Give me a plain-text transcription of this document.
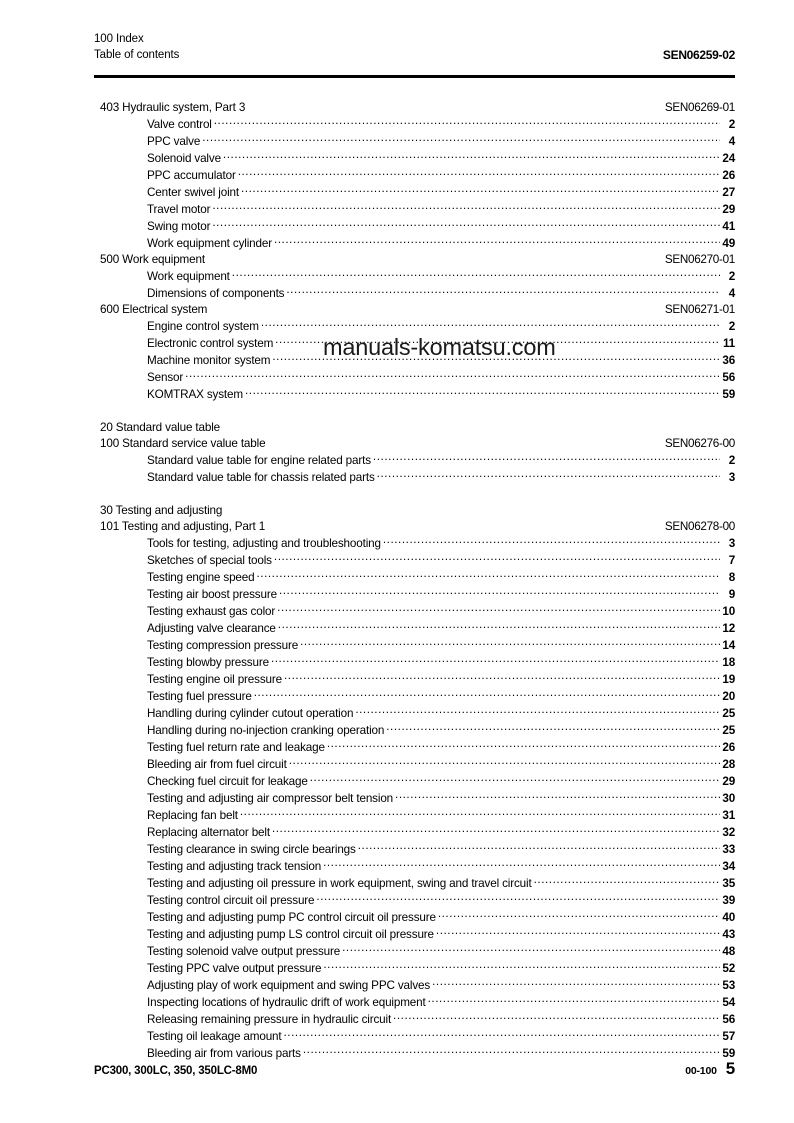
100 Index
Table of contents	SEN06259-02
403 Hydraulic system, Part 3	SEN06269-01
Valve control .....	2
PPC valve .....	4
Solenoid valve .....	24
PPC accumulator .....	26
Center swivel joint .....	27
Travel motor .....	29
Swing motor .....	41
Work equipment cylinder .....	49
500 Work equipment	SEN06270-01
Work equipment .....	2
Dimensions of components .....	4
600 Electrical system	SEN06271-01
Engine control system .....	2
Electronic control system .....	11
Machine monitor system .....	36
Sensor .....	56
KOMTRAX system .....	59
20 Standard value table
100 Standard service value table	SEN06276-00
Standard value table for engine related parts .....	2
Standard value table for chassis related parts .....	3
30 Testing and adjusting
101 Testing and adjusting, Part 1	SEN06278-00
Tools for testing, adjusting and troubleshooting .....	3
Sketches of special tools .....	7
Testing engine speed .....	8
Testing air boost pressure .....	9
Testing exhaust gas color .....	10
Adjusting valve clearance .....	12
Testing compression pressure .....	14
Testing blowby pressure .....	18
Testing engine oil pressure .....	19
Testing fuel pressure .....	20
Handling during cylinder cutout operation .....	25
Handling during no-injection cranking operation .....	25
Testing fuel return rate and leakage .....	26
Bleeding air from fuel circuit .....	28
Checking fuel circuit for leakage .....	29
Testing and adjusting air compressor belt tension .....	30
Replacing fan belt .....	31
Replacing alternator belt .....	32
Testing clearance in swing circle bearings .....	33
Testing and adjusting track tension .....	34
Testing and adjusting oil pressure in work equipment, swing and travel circuit .....	35
Testing control circuit oil pressure .....	39
Testing and adjusting pump PC control circuit oil pressure .....	40
Testing and adjusting pump LS control circuit oil pressure .....	43
Testing solenoid valve output pressure .....	48
Testing PPC valve output pressure .....	52
Adjusting play of work equipment and swing PPC valves .....	53
Inspecting locations of hydraulic drift of work equipment .....	54
Releasing remaining pressure in hydraulic circuit .....	56
Testing oil leakage amount .....	57
Bleeding air from various parts .....	59
manuals-komatsu.com
PC300, 300LC, 350, 350LC-8M0	00-100 5
